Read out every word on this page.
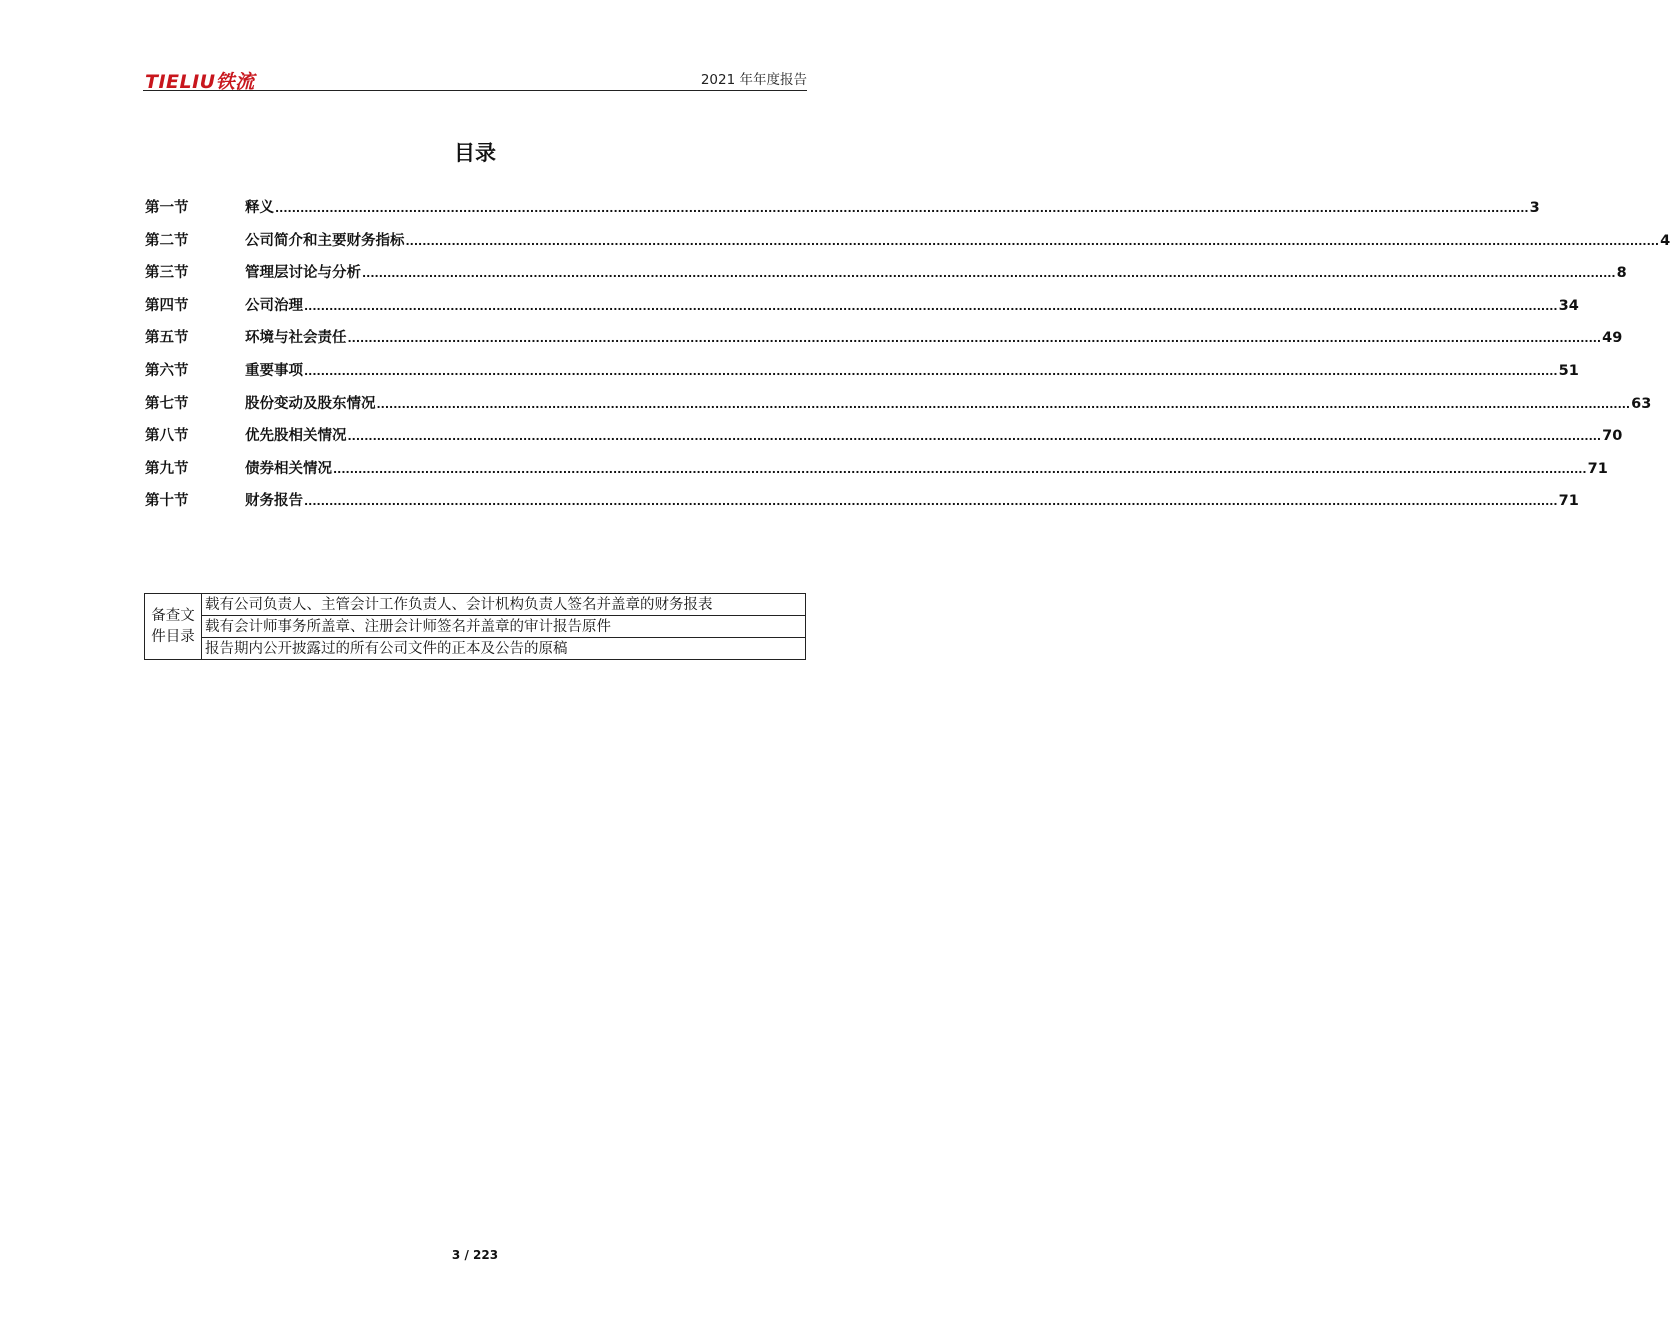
TIELIU铁流	2021 年年度报告
目录
第一节	释义 ............................................................................................................................................................................................................................................................................................................ 3
第二节	公司简介和主要财务指标 ............................................................................................................................................................................................................................................................................................................ 4
第三节	管理层讨论与分析 ............................................................................................................................................................................................................................................................................................................ 8
第四节	公司治理 ............................................................................................................................................................................................................................................................................................................ 34
第五节	环境与社会责任 ............................................................................................................................................................................................................................................................................................................ 49
第六节	重要事项 ............................................................................................................................................................................................................................................................................................................ 51
第七节	股份变动及股东情况 ............................................................................................................................................................................................................................................................................................................ 63
第八节	优先股相关情况 ............................................................................................................................................................................................................................................................................................................ 70
第九节	债券相关情况 ............................................................................................................................................................................................................................................................................................................ 71
第十节	财务报告 ............................................................................................................................................................................................................................................................................................................ 71
备查文件目录	载有公司负责人、主管会计工作负责人、会计机构负责人签名并盖章的财务报表
载有会计师事务所盖章、注册会计师签名并盖章的审计报告原件
报告期内公开披露过的所有公司文件的正本及公告的原稿
3 / 223
